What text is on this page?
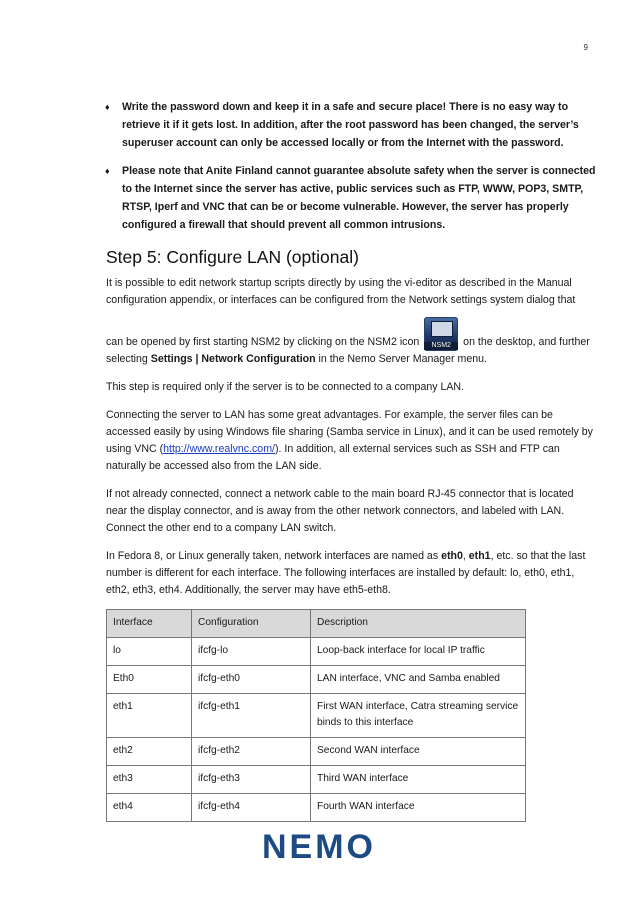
9
♦ Write the password down and keep it in a safe and secure place! There is no easy way to retrieve it if it gets lost. In addition, after the root password has been changed, the server’s superuser account can only be accessed locally or from the Internet with the password.
♦ Please note that Anite Finland cannot guarantee absolute safety when the server is connected to the Internet since the server has active, public services such as FTP, WWW, POP3, SMTP, RTSP, Iperf and VNC that can be or become vulnerable. However, the server has properly configured a firewall that should prevent all common intrusions.
Step 5: Configure LAN (optional)

It is possible to edit network startup scripts directly by using the vi-editor as described in the Manual configuration appendix, or interfaces can be configured from the Network settings system dialog that

can be opened by first starting NSM2 by clicking on the NSM2 icon	NSM2	on the desktop, and further selecting Settings | Network Configuration in the Nemo Server Manager menu.

This step is required only if the server is to be connected to a company LAN.

Connecting the server to LAN has some great advantages. For example, the server files can be accessed easily by using Windows file sharing (Samba service in Linux), and it can be used remotely by using VNC (http://www.realvnc.com/). In addition, all external services such as SSH and FTP can naturally be accessed also from the LAN side.

If not already connected, connect a network cable to the main board RJ-45 connector that is located near the display connector, and is away from the other network connectors, and labeled with LAN. Connect the other end to a company LAN switch.

In Fedora 8, or Linux generally taken, network interfaces are named as eth0, eth1, etc. so that the last number is different for each interface. The following interfaces are installed by default: lo, eth0, eth1, eth2, eth3, eth4. Additionally, the server may have eth5-eth8.

Interface	Configuration	Description
lo	ifcfg-lo	Loop-back interface for local IP traffic
Eth0	ifcfg-eth0	LAN interface, VNC and Samba enabled
eth1	ifcfg-eth1	First WAN interface, Catra streaming service binds to this interface
eth2	ifcfg-eth2	Second WAN interface
eth3	ifcfg-eth3	Third WAN interface
eth4	ifcfg-eth4	Fourth WAN interface
NEMO
